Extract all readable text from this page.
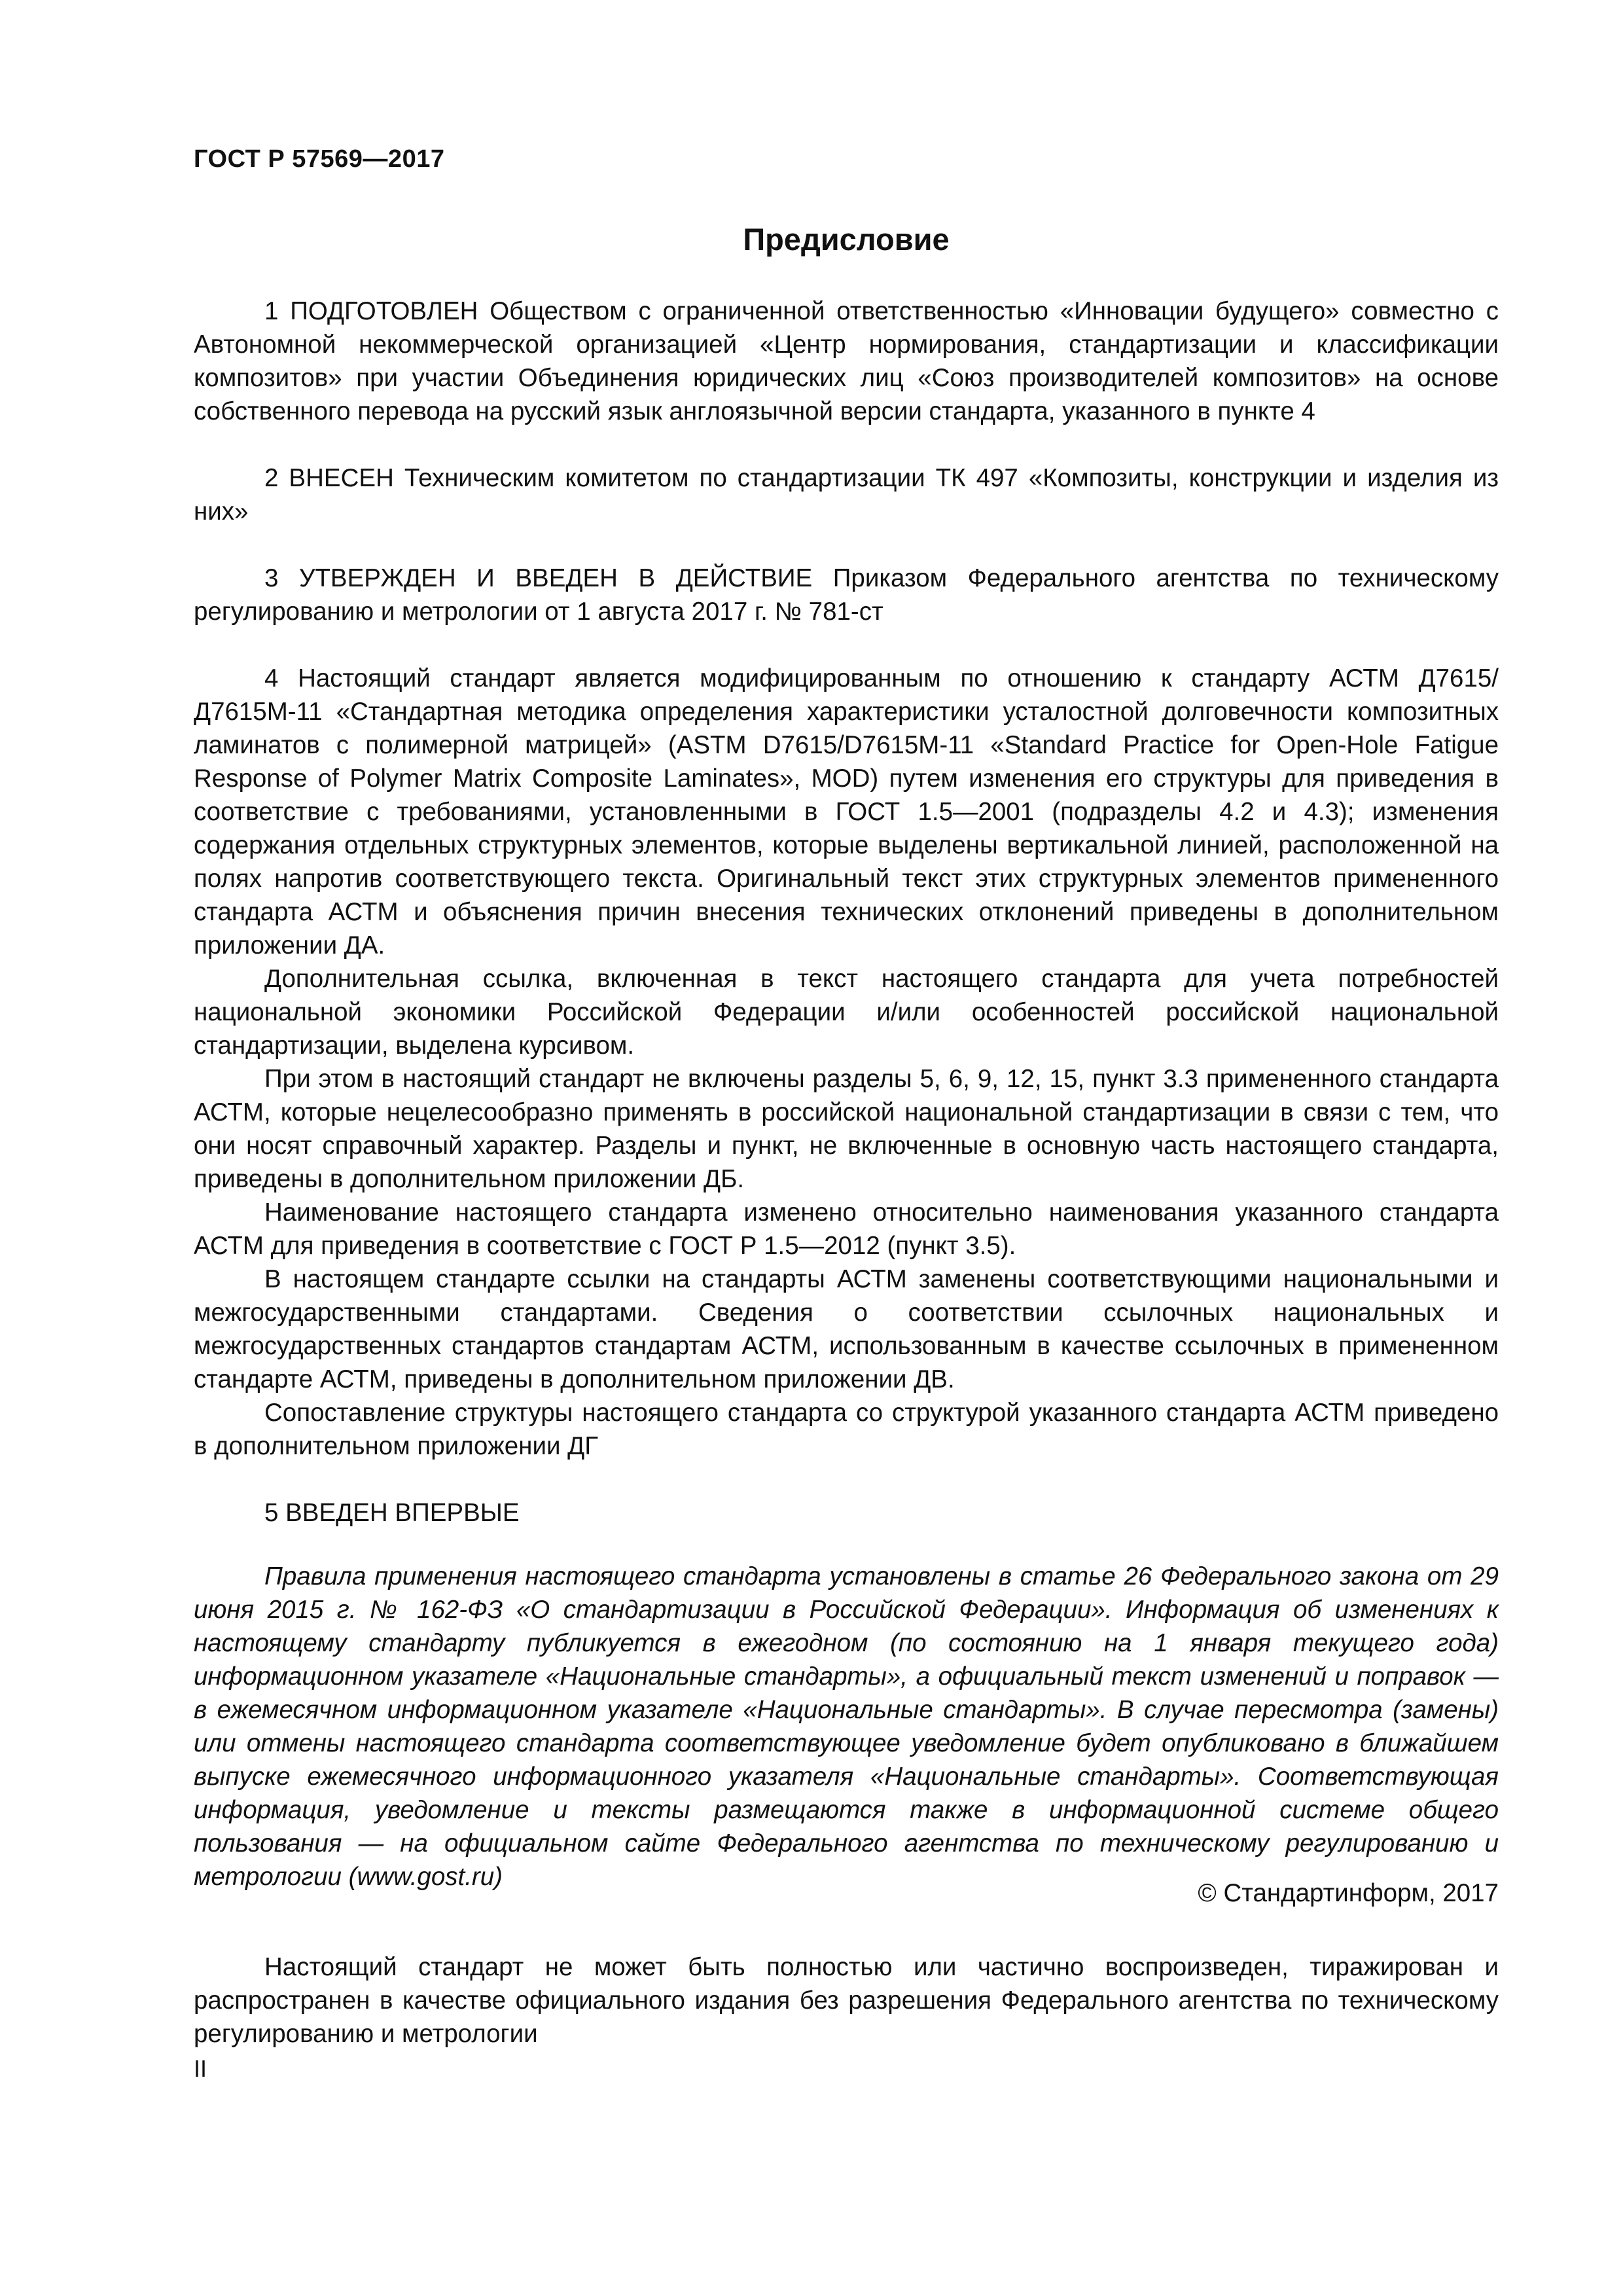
ГОСТ Р 57569—2017
Предисловие

1 ПОДГОТОВЛЕН Обществом с ограниченной ответственностью «Инновации будущего» совместно с Автономной некоммерческой организацией «Центр нормирования, стандартизации и классификации композитов» при участии Объединения юридических лиц «Союз производителей композитов» на основе собственного перевода на русский язык англоязычной версии стандарта, указанного в пункте 4

2 ВНЕСЕН Техническим комитетом по стандартизации ТК 497 «Композиты, конструкции и изделия из них»

3 УТВЕРЖДЕН И ВВЕДЕН В ДЕЙСТВИЕ Приказом Федерального агентства по техническому регулированию и метрологии от 1 августа 2017 г. № 781-ст

4 Настоящий стандарт является модифицированным по отношению к стандарту АСТМ Д7615/Д7615М-11 «Стандартная методика определения характеристики усталостной долговечности композитных ламинатов с полимерной матрицей» (ASTM D7615/D7615M-11 «Standard Practice for Open-Hole Fatigue Response of Polymer Matrix Composite Laminates», MOD) путем изменения его структуры для приведения в соответствие с требованиями, установленными в ГОСТ 1.5—2001 (подразделы 4.2 и 4.3); изменения содержания отдельных структурных элементов, которые выделены вертикальной линией, расположенной на полях напротив соответствующего текста. Оригинальный текст этих структурных элементов примененного стандарта АСТМ и объяснения причин внесения технических отклонений приведены в дополнительном приложении ДА.

Дополнительная ссылка, включенная в текст настоящего стандарта для учета потребностей национальной экономики Российской Федерации и/или особенностей российской национальной стандартизации, выделена курсивом.

При этом в настоящий стандарт не включены разделы 5, 6, 9, 12, 15, пункт 3.3 примененного стандарта АСТМ, которые нецелесообразно применять в российской национальной стандартизации в связи с тем, что они носят справочный характер. Разделы и пункт, не включенные в основную часть настоящего стандарта, приведены в дополнительном приложении ДБ.

Наименование настоящего стандарта изменено относительно наименования указанного стандарта АСТМ для приведения в соответствие с ГОСТ Р 1.5—2012 (пункт 3.5).

В настоящем стандарте ссылки на стандарты АСТМ заменены соответствующими национальными и межгосударственными стандартами. Сведения о соответствии ссылочных национальных и межгосударственных стандартов стандартам АСТМ, использованным в качестве ссылочных в примененном стандарте АСТМ, приведены в дополнительном приложении ДВ.

Сопоставление структуры настоящего стандарта со структурой указанного стандарта АСТМ приведено в дополнительном приложении ДГ

5 ВВЕДЕН ВПЕРВЫЕ

Правила применения настоящего стандарта установлены в статье 26 Федерального закона от 29 июня 2015 г. № 162-ФЗ «О стандартизации в Российской Федерации». Информация об изменениях к настоящему стандарту публикуется в ежегодном (по состоянию на 1 января текущего года) информационном указателе «Национальные стандарты», а официальный текст изменений и поправок — в ежемесячном информационном указателе «Национальные стандарты». В случае пересмотра (замены) или отмены настоящего стандарта соответствующее уведомление будет опубликовано в ближайшем выпуске ежемесячного информационного указателя «Национальные стандарты». Соответствующая информация, уведомление и тексты размещаются также в информационной системе общего пользования — на официальном сайте Федерального агентства по техническому регулированию и метрологии (www.gost.ru)

© Стандартинформ, 2017

Настоящий стандарт не может быть полностью или частично воспроизведен, тиражирован и распространен в качестве официального издания без разрешения Федерального агентства по техническому регулированию и метрологии

II
